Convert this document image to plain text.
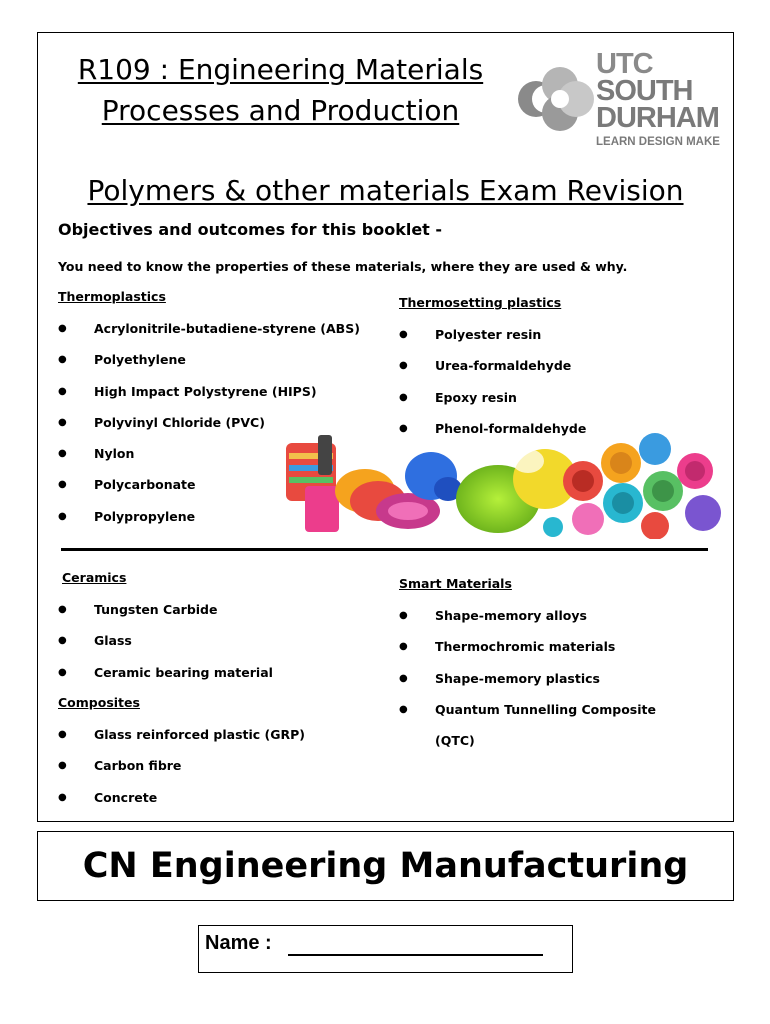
R109 : Engineering Materials
Processes and Production
UTC
SOUTH
DURHAM
LEARN DESIGN MAKE
Polymers & other materials Exam Revision
Objectives and outcomes for this booklet -
You need to know the properties of these materials, where they are used & why.
Thermoplastics
● Acrylonitrile-butadiene-styrene (ABS)
● Polyethylene
● High Impact Polystyrene (HIPS)
● Polyvinyl Chloride (PVC)
● Nylon
● Polycarbonate
● Polypropylene
Thermosetting plastics
● Polyester resin
● Urea-formaldehyde
● Epoxy resin
● Phenol-formaldehyde
Ceramics
● Tungsten Carbide
● Glass
● Ceramic bearing material
Composites
● Glass reinforced plastic (GRP)
● Carbon fibre
● Concrete
Smart Materials
● Shape-memory alloys
● Thermochromic materials
● Shape-memory plastics
● Quantum Tunnelling Composite
(QTC)
CN Engineering Manufacturing
Name :
